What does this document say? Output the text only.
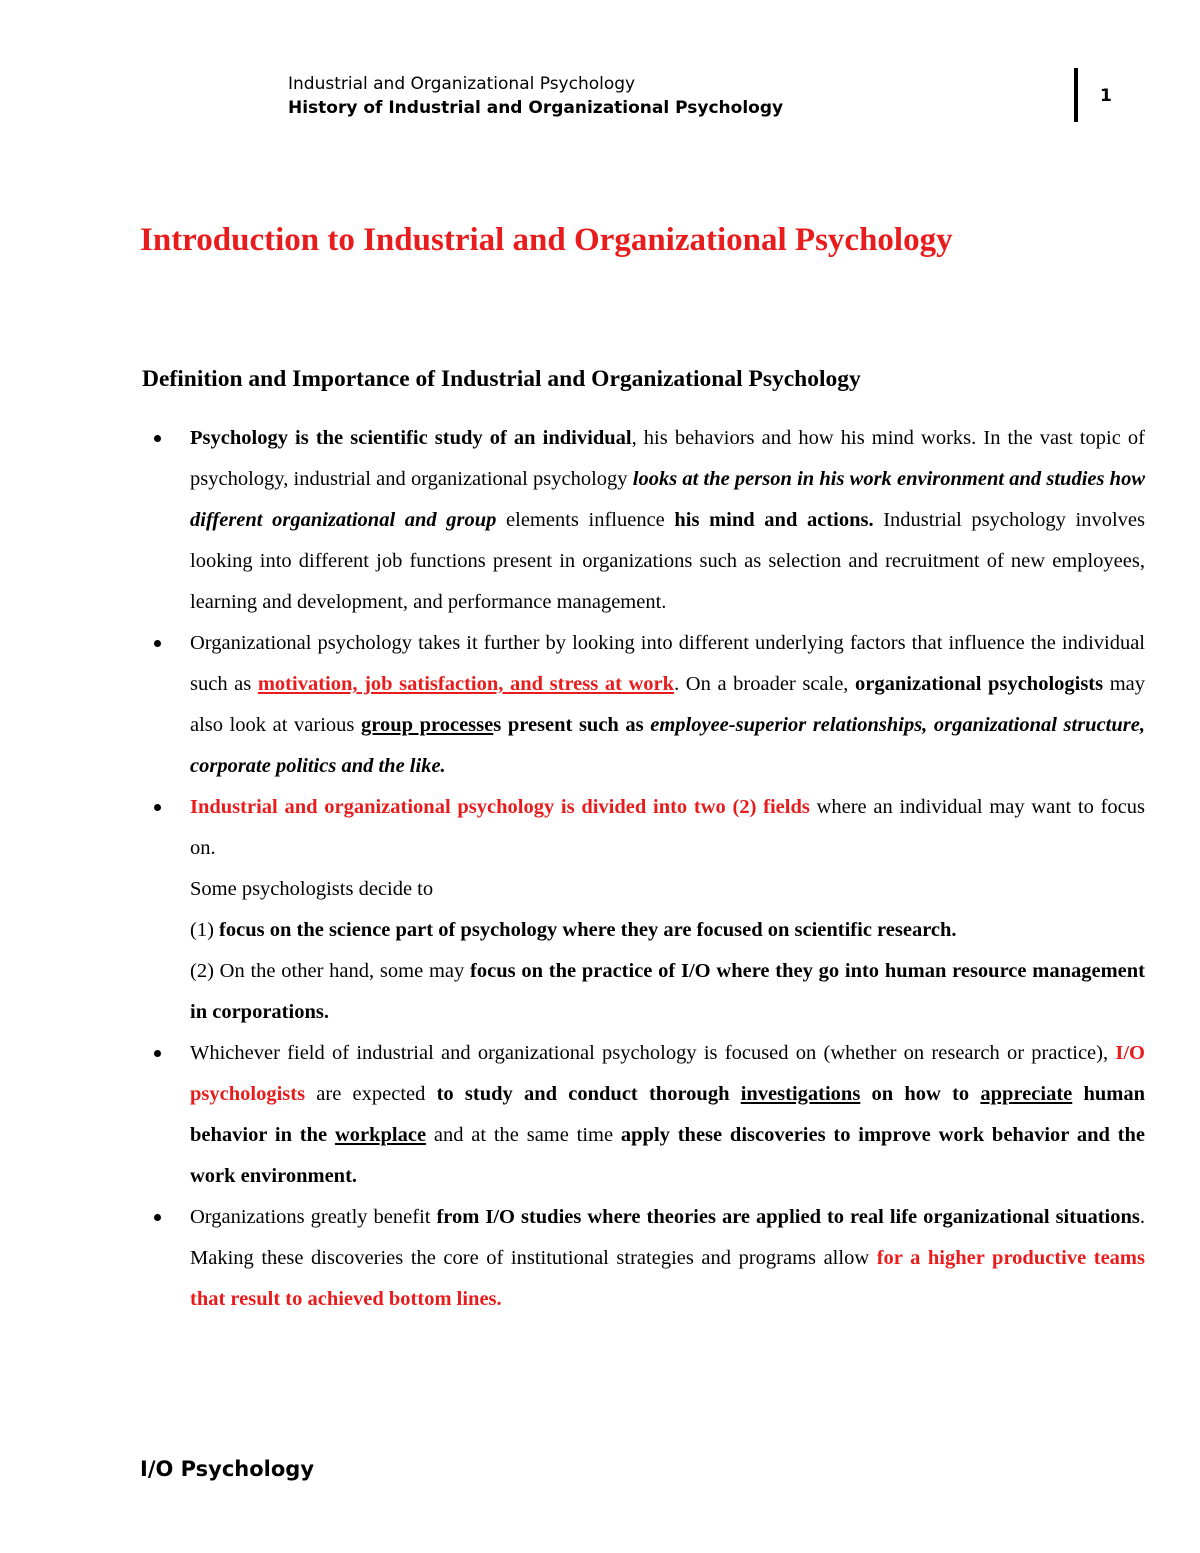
Industrial and Organizational Psychology
History of Industrial and Organizational Psychology
1
Introduction to Industrial and Organizational Psychology
Definition and Importance of Industrial and Organizational Psychology
Psychology is the scientific study of an individual, his behaviors and how his mind works. In the vast topic of psychology, industrial and organizational psychology looks at the person in his work environment and studies how different organizational and group elements influence his mind and actions. Industrial psychology involves looking into different job functions present in organizations such as selection and recruitment of new employees, learning and development, and performance management.
Organizational psychology takes it further by looking into different underlying factors that influence the individual such as motivation, job satisfaction, and stress at work. On a broader scale, organizational psychologists may also look at various group processes present such as employee-superior relationships, organizational structure, corporate politics and the like.
Industrial and organizational psychology is divided into two (2) fields where an individual may want to focus on.
Some psychologists decide to
(1) focus on the science part of psychology where they are focused on scientific research.
(2) On the other hand, some may focus on the practice of I/O where they go into human resource management in corporations.
Whichever field of industrial and organizational psychology is focused on (whether on research or practice), I/O psychologists are expected to study and conduct thorough investigations on how to appreciate human behavior in the workplace and at the same time apply these discoveries to improve work behavior and the work environment.
Organizations greatly benefit from I/O studies where theories are applied to real life organizational situations. Making these discoveries the core of institutional strategies and programs allow for a higher productive teams that result to achieved bottom lines.
I/O Psychology
